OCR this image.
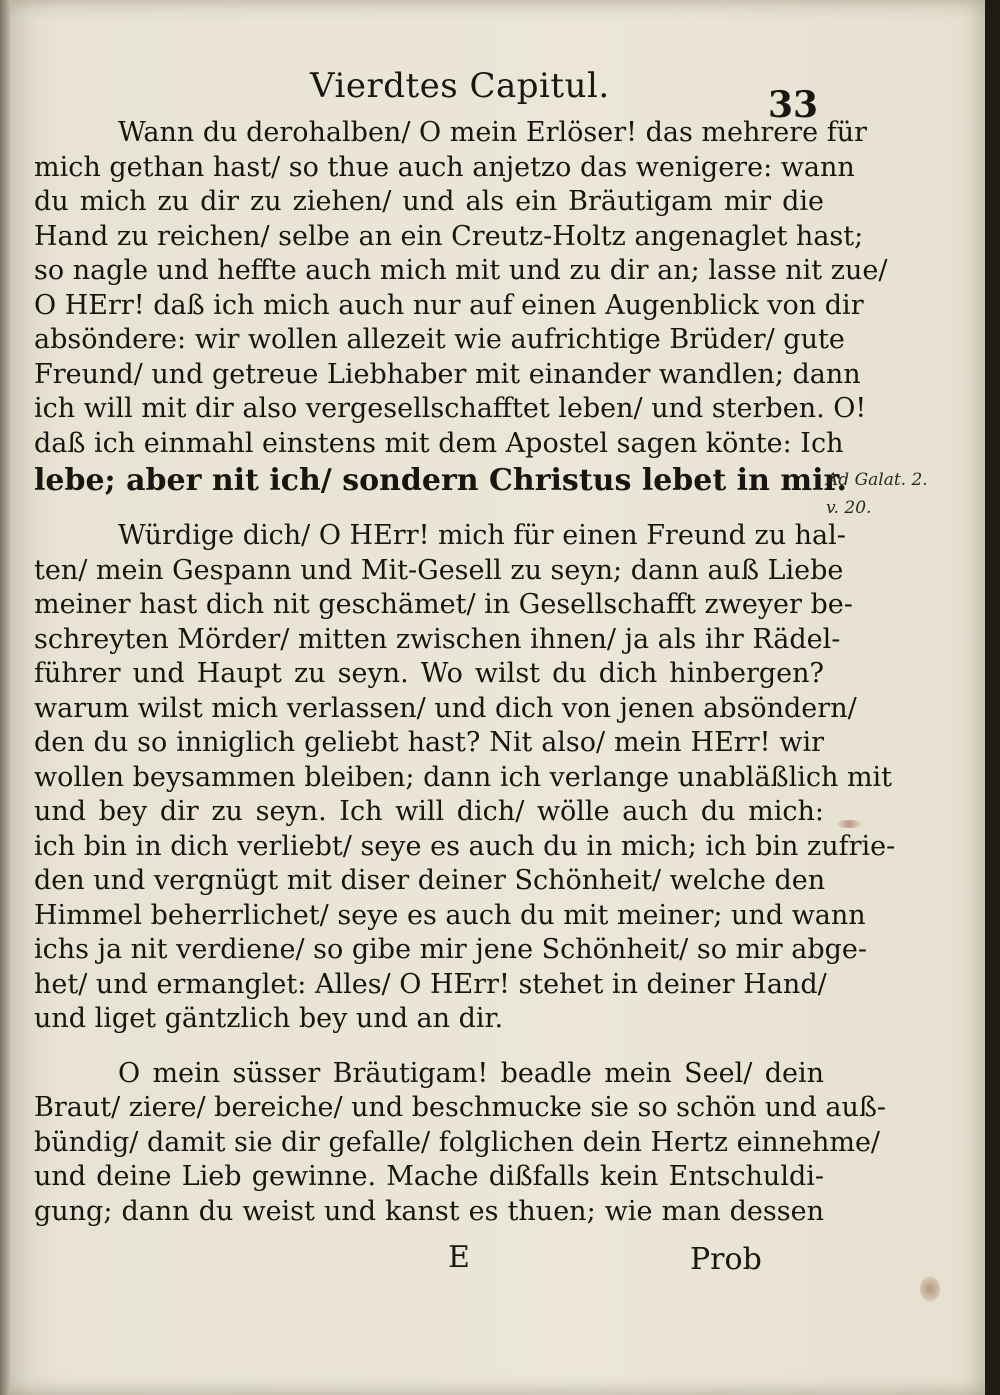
Vierdtes Capitul.	33
Wann du derohalben/ O mein Erlöser! das mehrere für
mich gethan hast/ so thue auch anjetzo das wenigere: wann
du mich zu dir zu ziehen/ und als ein Bräutigam mir die
Hand zu reichen/ selbe an ein Creutz-Holtz angenaglet hast;
so nagle und heffte auch mich mit und zu dir an; lasse nit zue/
O HErr! daß ich mich auch nur auf einen Augenblick von dir
absöndere: wir wollen allezeit wie aufrichtige Brüder/ gute
Freund/ und getreue Liebhaber mit einander wandlen; dann
ich will mit dir also vergesellschafftet leben/ und sterben. O!
daß ich einmahl einstens mit dem Apostel sagen könte: Ich
lebe; aber nit ich/ sondern Christus lebet in mir.
Würdige dich/ O HErr! mich für einen Freund zu hal-
ten/ mein Gespann und Mit-Gesell zu seyn; dann auß Liebe
meiner hast dich nit geschämet/ in Gesellschafft zweyer be-
schreyten Mörder/ mitten zwischen ihnen/ ja als ihr Rädel-
führer und Haupt zu seyn. Wo wilst du dich hinbergen?
warum wilst mich verlassen/ und dich von jenen absöndern/
den du so inniglich geliebt hast? Nit also/ mein HErr! wir
wollen beysammen bleiben; dann ich verlange unabläßlich mit
und bey dir zu seyn. Ich will dich/ wölle auch du mich:
ich bin in dich verliebt/ seye es auch du in mich; ich bin zufrie-
den und vergnügt mit diser deiner Schönheit/ welche den
Himmel beherrlichet/ seye es auch du mit meiner; und wann
ichs ja nit verdiene/ so gibe mir jene Schönheit/ so mir abge-
het/ und ermanglet: Alles/ O HErr! stehet in deiner Hand/
und liget gäntzlich bey und an dir.
O mein süsser Bräutigam! beadle mein Seel/ dein
Braut/ ziere/ bereiche/ und beschmucke sie so schön und auß-
bündig/ damit sie dir gefalle/ folglichen dein Hertz einnehme/
und deine Lieb gewinne. Mache dißfalls kein Entschuldi-
gung; dann du weist und kanst es thuen; wie man dessen
Ad Galat. 2.
v. 20.
E	Prob
